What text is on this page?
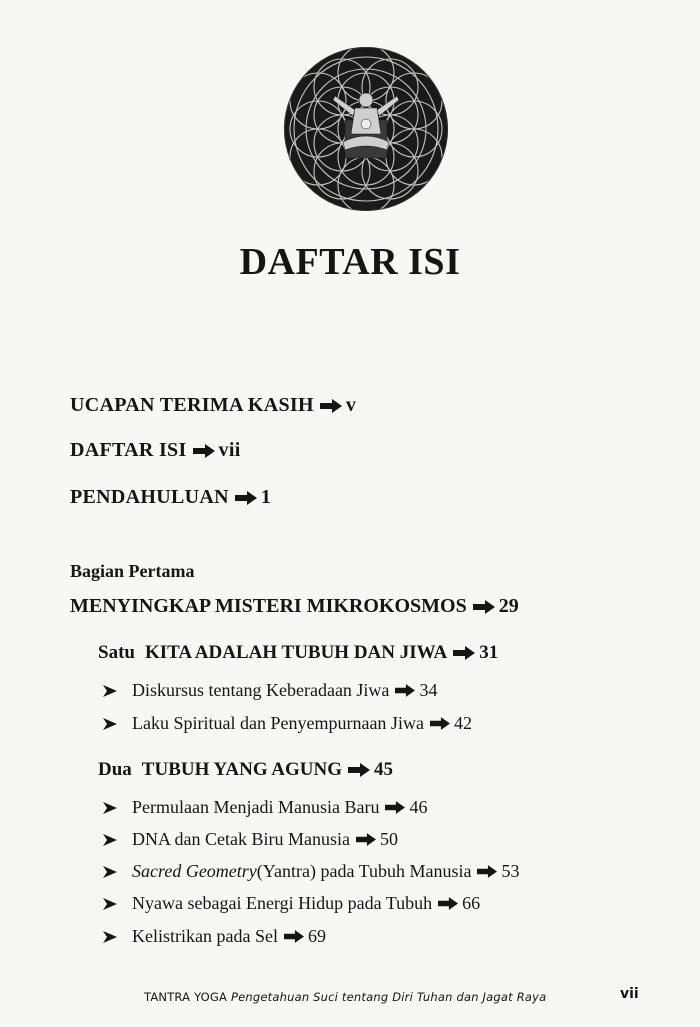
DAFTAR ISI
UCAPAN TERIMA KASIH v
DAFTAR ISI vii
PENDAHULUAN 1
Bagian Pertama
MENYINGKAP MISTERI MIKROKOSMOS 29
Satu KITA ADALAH TUBUH DAN JIWA 31
Diskursus tentang Keberadaan Jiwa 34
Laku Spiritual dan Penyempurnaan Jiwa 42
Dua TUBUH YANG AGUNG 45
Permulaan Menjadi Manusia Baru 46
DNA dan Cetak Biru Manusia 50
Sacred Geometry (Yantra) pada Tubuh Manusia 53
Nyawa sebagai Energi Hidup pada Tubuh 66
Kelistrikan pada Sel 69
TANTRA YOGA Pengetahuan Suci tentang Diri Tuhan dan Jagat Raya	vii
